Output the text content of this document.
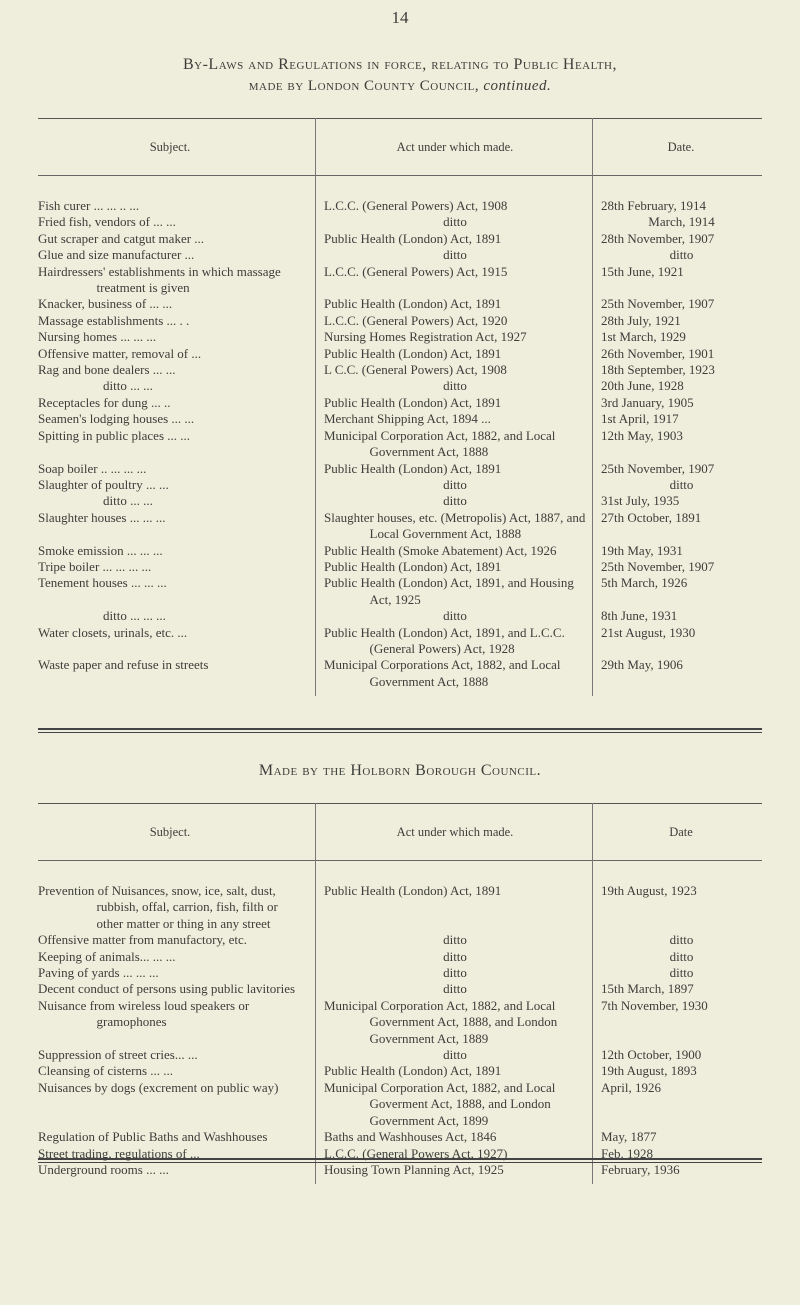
14
By-Laws and Regulations in force, relating to Public Health,
made by London County Council, continued.
Subject.	Act under which made.	Date.

Fish curer ... ... .. ...	L.C.C. (General Powers) Act, 1908	28th February, 1914

Fried fish, vendors of ... ...	ditto	March, 1914

Gut scraper and catgut maker ...	Public Health (London) Act, 1891	28th November, 1907

Glue and size manufacturer ...	ditto	ditto

Hairdressers' establishments in which massage treatment is given	L.C.C. (General Powers) Act, 1915	15th June, 1921

Knacker, business of ... ...	Public Health (London) Act, 1891	25th November, 1907

Massage establishments ... . .	L.C.C. (General Powers) Act, 1920	28th July, 1921

Nursing homes ... ... ...	Nursing Homes Registration Act, 1927	1st March, 1929

Offensive matter, removal of ...	Public Health (London) Act, 1891	26th November, 1901

Rag and bone dealers ... ...	L C.C. (General Powers) Act, 1908	18th September, 1923

ditto ... ...	ditto	20th June, 1928

Receptacles for dung ... ..	Public Health (London) Act, 1891	3rd January, 1905

Seamen's lodging houses ... ...	Merchant Shipping Act, 1894 ...	1st April, 1917

Spitting in public places ... ...	Municipal Corporation Act, 1882, and Local Government Act, 1888	12th May, 1903

Soap boiler .. ... ... ...	Public Health (London) Act, 1891	25th November, 1907

Slaughter of poultry ... ...	ditto	ditto

ditto ... ...	ditto	31st July, 1935

Slaughter houses ... ... ...	Slaughter houses, etc. (Metropolis) Act, 1887, and Local Government Act, 1888	27th October, 1891

Smoke emission ... ... ...	Public Health (Smoke Abatement) Act, 1926	19th May, 1931

Tripe boiler ... ... ... ...	Public Health (London) Act, 1891	25th November, 1907

Tenement houses ... ... ...	Public Health (London) Act, 1891, and Housing Act, 1925	5th March, 1926

ditto ... ... ...	ditto	8th June, 1931

Water closets, urinals, etc. ...	Public Health (London) Act, 1891, and L.C.C. (General Powers) Act, 1928	21st August, 1930

Waste paper and refuse in streets	Municipal Corporations Act, 1882, and Local Government Act, 1888	29th May, 1906

Made by the Holborn Borough Council.
Subject.	Act under which made.	Date

Prevention of Nuisances, snow, ice, salt, dust, rubbish, offal, carrion, fish, filth or other matter or thing in any street	Public Health (London) Act, 1891	19th August, 1923

Offensive matter from manufactory, etc.	ditto	ditto

Keeping of animals... ... ...	ditto	ditto

Paving of yards ... ... ...	ditto	ditto

Decent conduct of persons using public lavitories	ditto	15th March, 1897

Nuisance from wireless loud speakers or gramophones	Municipal Corporation Act, 1882, and Local Government Act, 1888, and London Government Act, 1889	7th November, 1930

Suppression of street cries... ...	ditto	12th October, 1900

Cleansing of cisterns ... ...	Public Health (London) Act, 1891	19th August, 1893

Nuisances by dogs (excrement on public way)	Municipal Corporation Act, 1882, and Local Goverment Act, 1888, and London Government Act, 1899	April, 1926

Regulation of Public Baths and Washhouses	Baths and Washhouses Act, 1846	May, 1877

Street trading, regulations of ...	L.C.C. (General Powers Act, 1927)	Feb. 1928

Underground rooms ... ...	Housing Town Planning Act, 1925	February, 1936
